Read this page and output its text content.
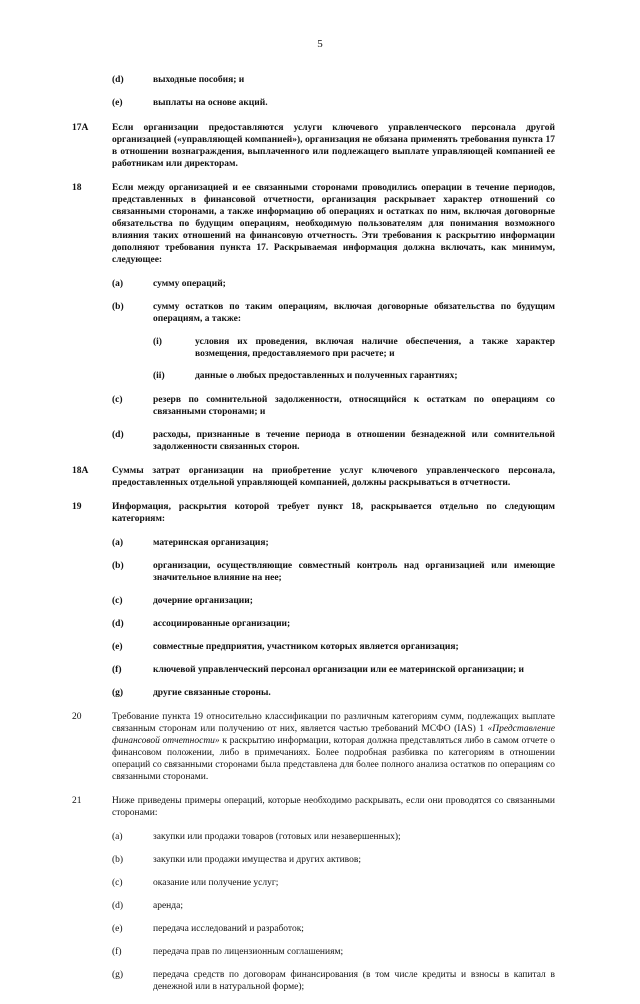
5
(d)	выходные пособия; и
(e)	выплаты на основе акций.
17A Если организации предоставляются услуги ключевого управленческого персонала другой организацией («управляющей компанией»), организация не обязана применять требования пункта 17 в отношении вознаграждения, выплаченного или подлежащего выплате управляющей компанией ее работникам или директорам.
18	Если между организацией и ее связанными сторонами проводились операции в течение периодов, представленных в финансовой отчетности, организация раскрывает характер отношений со связанными сторонами, а также информацию об операциях и остатках по ним, включая договорные обязательства по будущим операциям, необходимую пользователям для понимания возможного влияния таких отношений на финансовую отчетность. Эти требования к раскрытию информации дополняют требования пункта 17. Раскрываемая информация должна включать, как минимум, следующее:
(a)	сумму операций;
(b)	сумму остатков по таким операциям, включая договорные обязательства по будущим операциям, а также:
(i)	условия их проведения, включая наличие обеспечения, а также характер возмещения, предоставляемого при расчете; и
(ii)	данные о любых предоставленных и полученных гарантиях;
(c)	резерв по сомнительной задолженности, относящийся к остаткам по операциям со связанными сторонами; и
(d)	расходы, признанные в течение периода в отношении безнадежной или сомнительной задолженности связанных сторон.
18A Суммы затрат организации на приобретение услуг ключевого управленческого персонала, предоставленных отдельной управляющей компанией, должны раскрываться в отчетности.
19	Информация, раскрытия которой требует пункт 18, раскрывается отдельно по следующим категориям:
(a)	материнская организация;
(b)	организации, осуществляющие совместный контроль над организацией или имеющие значительное влияние на нее;
(c)	дочерние организации;
(d)	ассоциированные организации;
(e)	совместные предприятия, участником которых является организация;
(f)	ключевой управленческий персонал организации или ее материнской организации; и
(g)	другие связанные стороны.
20	Требование пункта 19 относительно классификации по различным категориям сумм, подлежащих выплате связанным сторонам или получению от них, является частью требований МСФО (IAS) 1 «Представление финансовой отчетности» к раскрытию информации, которая должна представляться либо в самом отчете о финансовом положении, либо в примечаниях. Более подробная разбивка по категориям в отношении операций со связанными сторонами была представлена для более полного анализа остатков по операциям со связанными сторонами.
21	Ниже приведены примеры операций, которые необходимо раскрывать, если они проводятся со связанными сторонами:
(a)	закупки или продажи товаров (готовых или незавершенных);
(b)	закупки или продажи имущества и других активов;
(c)	оказание или получение услуг;
(d)	аренда;
(e)	передача исследований и разработок;
(f)	передача прав по лицензионным соглашениям;
(g)	передача средств по договорам финансирования (в том числе кредиты и взносы в капитал в денежной или в натуральной форме);
